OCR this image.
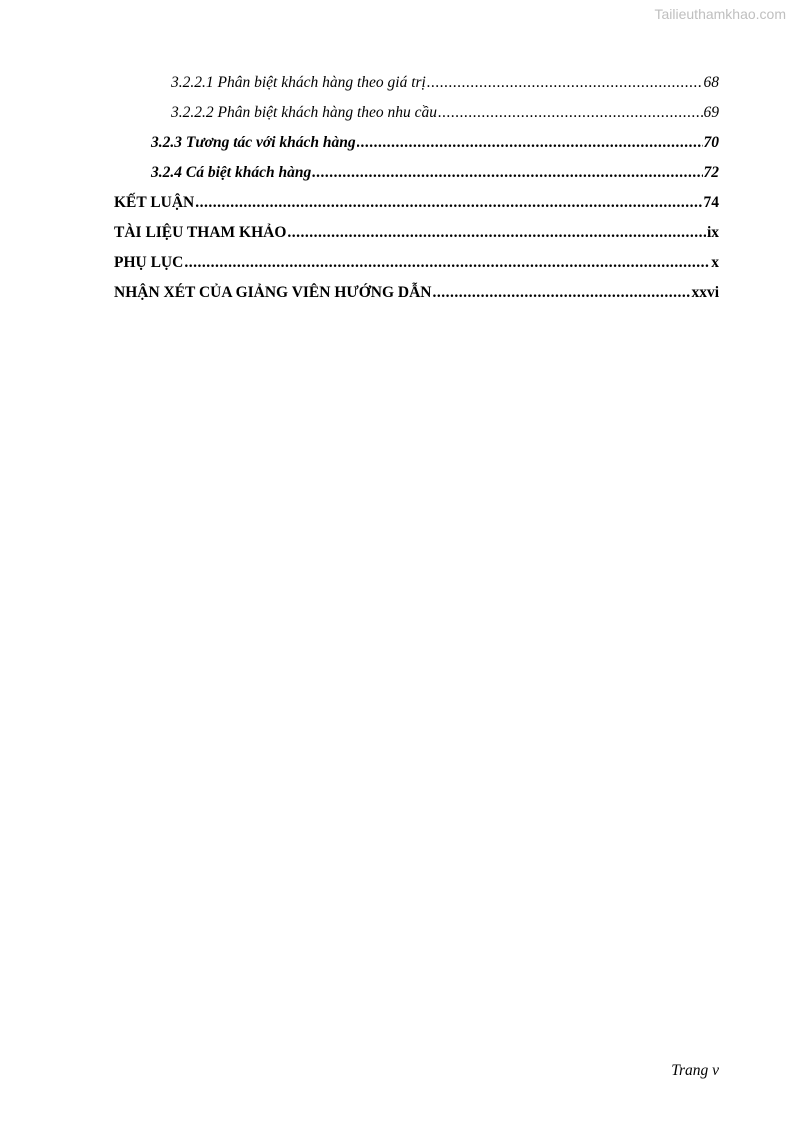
Tailieuthamkhao.com
3.2.2.1 Phân biệt khách hàng theo giá trị .....	68
3.2.2.2 Phân biệt khách hàng theo nhu cầu .....	69
3.2.3 Tương tác với khách hàng .....	70
3.2.4 Cá biệt khách hàng .....	72
KẾT LUẬN .....	74
TÀI LIỆU THAM KHẢO .....	ix
PHỤ LỤC .....	x
NHẬN XÉT CỦA GIẢNG VIÊN HƯỚNG DẪN .....	xxvi
Trang v
